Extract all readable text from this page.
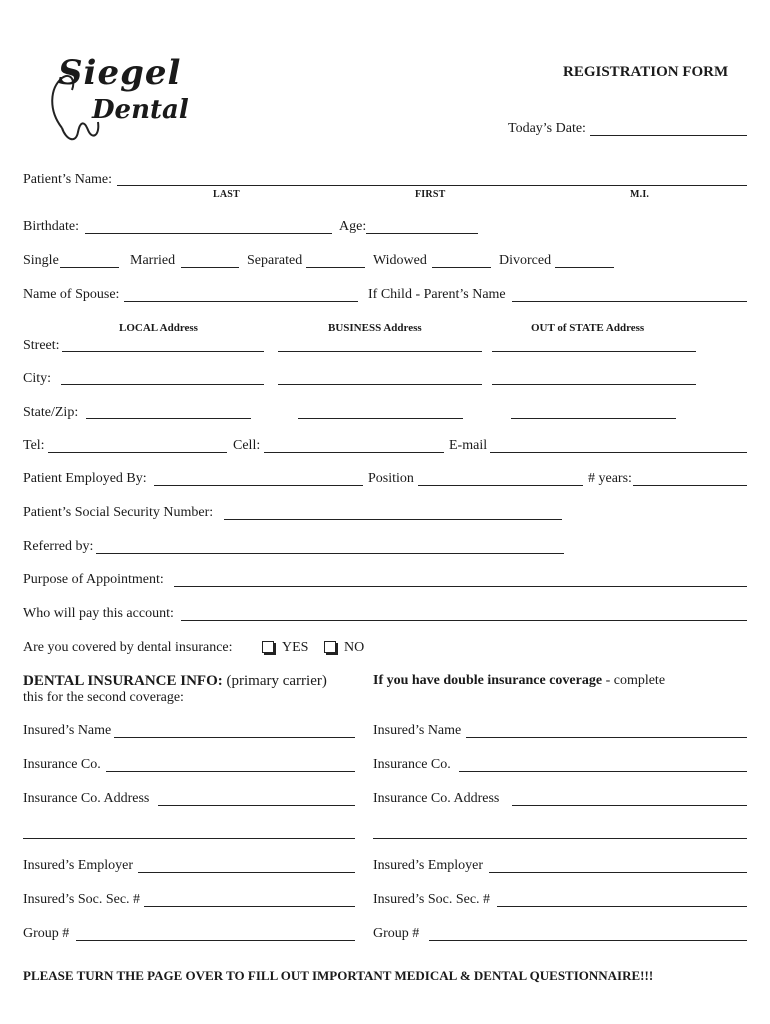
Siegel
Dental
REGISTRATION FORM
Today’s Date:
Patient’s Name:
LAST	FIRST	M.I.
Birthdate:	Age:
Single	Married	Separated	Widowed	Divorced
Name of Spouse:	If Child - Parent’s Name
LOCAL Address	BUSINESS Address	OUT of STATE Address
Street:
City:
State/Zip:
Tel:	Cell:	E-mail
Patient Employed By:	Position	# years:
Patient’s Social Security Number:
Referred by:
Purpose of Appointment:
Who will pay this account:
Are you covered by dental insurance:	YES	NO
DENTAL INSURANCE INFO: (primary carrier)	If you have double insurance coverage - complete
this for the second coverage:
Insured’s Name	Insured’s Name
Insurance Co.	Insurance Co.
Insurance Co. Address	Insurance Co. Address
Insured’s Employer	Insured’s Employer
Insured’s Soc. Sec. #	Insured’s Soc. Sec. #
Group #	Group #
PLEASE TURN THE PAGE OVER TO FILL OUT IMPORTANT MEDICAL & DENTAL QUESTIONNAIRE!!!
